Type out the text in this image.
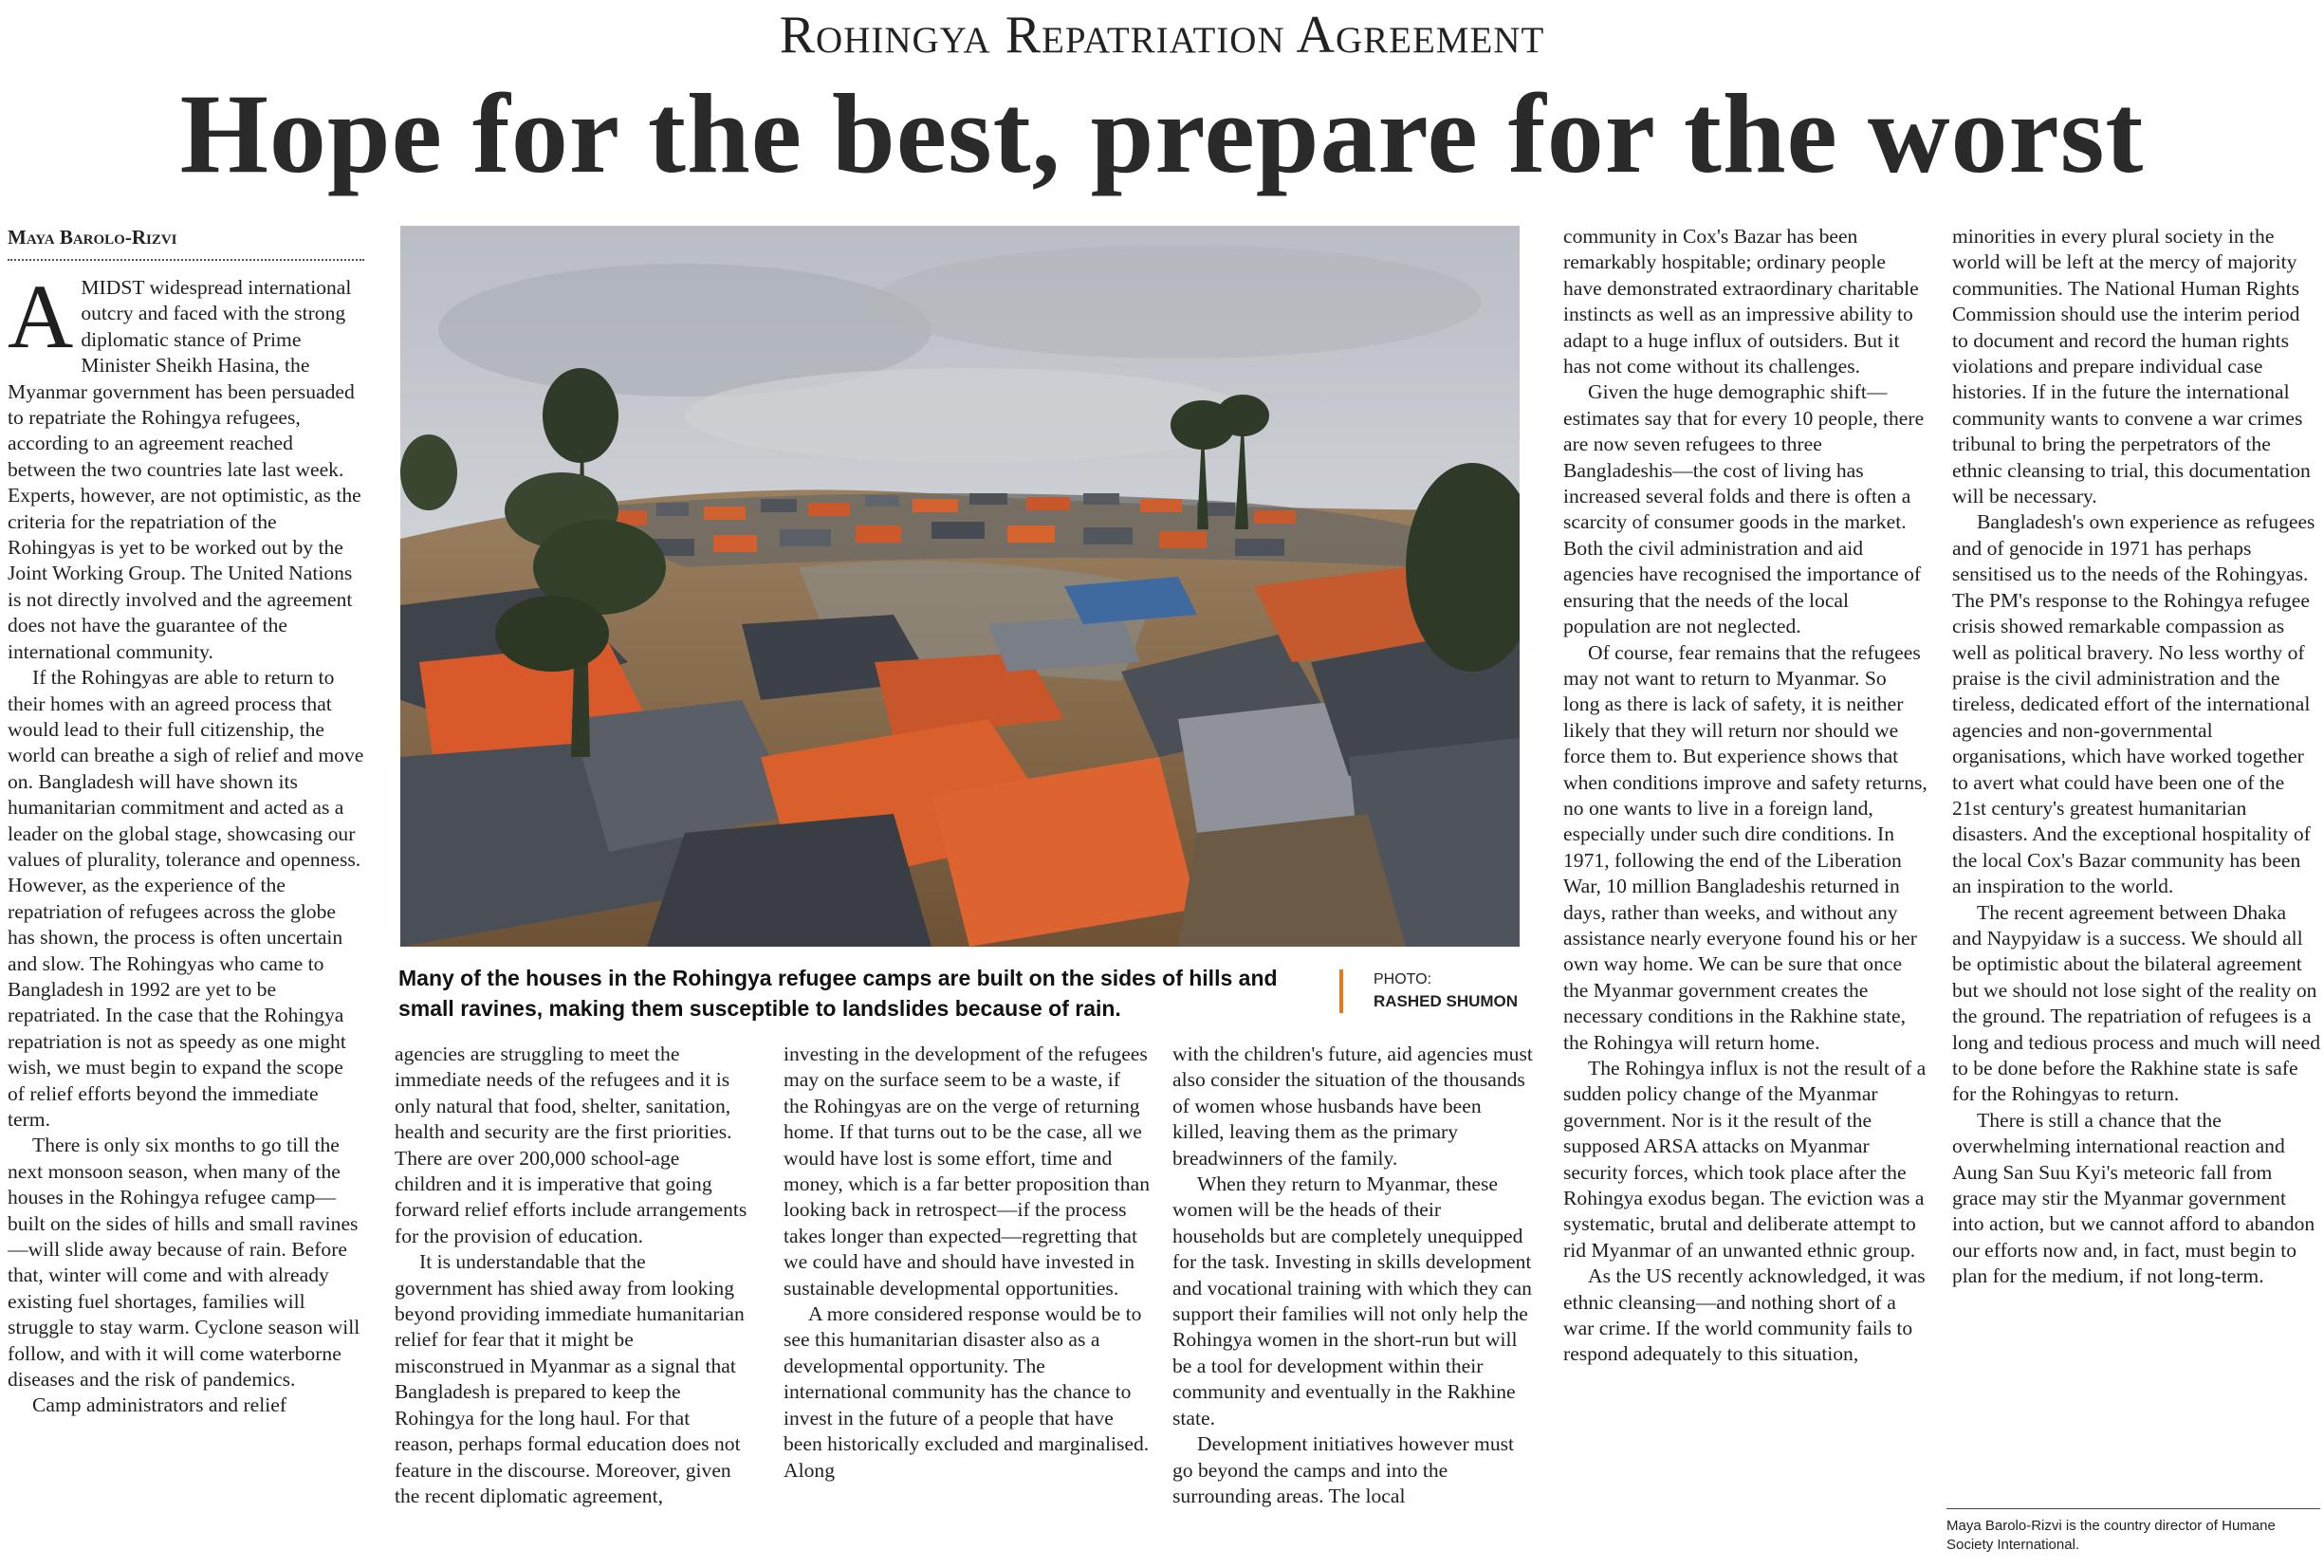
Rohingya Repatriation Agreement
Hope for the best, prepare for the worst
Maya Barolo-Rizvi

AMIDST widespread international outcry and faced with the strong diplomatic stance of Prime Minister Sheikh Hasina, the Myanmar government has been persuaded to repatriate the Rohingya refugees, according to an agreement reached between the two countries late last week. Experts, however, are not optimistic, as the criteria for the repatriation of the Rohingyas is yet to be worked out by the Joint Working Group. The United Nations is not directly involved and the agreement does not have the guarantee of the international community.

If the Rohingyas are able to return to their homes with an agreed process that would lead to their full citizenship, the world can breathe a sigh of relief and move on. Bangladesh will have shown its humanitarian commitment and acted as a leader on the global stage, showcasing our values of plurality, tolerance and openness. However, as the experience of the repatriation of refugees across the globe has shown, the process is often uncertain and slow. The Rohingyas who came to Bangladesh in 1992 are yet to be repatriated. In the case that the Rohingya repatriation is not as speedy as one might wish, we must begin to expand the scope of relief efforts beyond the immediate term.

There is only six months to go till the next monsoon season, when many of the houses in the Rohingya refugee camp—built on the sides of hills and small ravines—will slide away because of rain. Before that, winter will come and with already existing fuel shortages, families will struggle to stay warm. Cyclone season will follow, and with it will come waterborne diseases and the risk of pandemics.

Camp administrators and relief

Many of the houses in the Rohingya refugee camps are built on the sides of hills and small ravines, making them susceptible to landslides because of rain.
PHOTO:
RASHED SHUMON

agencies are struggling to meet the immediate needs of the refugees and it is only natural that food, shelter, sanitation, health and security are the first priorities. There are over 200,000 school-age children and it is imperative that going forward relief efforts include arrangements for the provision of education.

It is understandable that the government has shied away from looking beyond providing immediate humanitarian relief for fear that it might be misconstrued in Myanmar as a signal that Bangladesh is prepared to keep the Rohingya for the long haul. For that reason, perhaps formal education does not feature in the discourse. Moreover, given the recent diplomatic agreement,

investing in the development of the refugees may on the surface seem to be a waste, if the Rohingyas are on the verge of returning home. If that turns out to be the case, all we would have lost is some effort, time and money, which is a far better proposition than looking back in retrospect—if the process takes longer than expected—regretting that we could have and should have invested in sustainable developmental opportunities.

A more considered response would be to see this humanitarian disaster also as a developmental opportunity. The international community has the chance to invest in the future of a people that have been historically excluded and marginalised. Along

with the children's future, aid agencies must also consider the situation of the thousands of women whose husbands have been killed, leaving them as the primary breadwinners of the family.

When they return to Myanmar, these women will be the heads of their households but are completely unequipped for the task. Investing in skills development and vocational training with which they can support their families will not only help the Rohingya women in the short-run but will be a tool for development within their community and eventually in the Rakhine state.

Development initiatives however must go beyond the camps and into the surrounding areas. The local

community in Cox's Bazar has been remarkably hospitable; ordinary people have demonstrated extraordinary charitable instincts as well as an impressive ability to adapt to a huge influx of outsiders. But it has not come without its challenges.

Given the huge demographic shift—estimates say that for every 10 people, there are now seven refugees to three Bangladeshis—the cost of living has increased several folds and there is often a scarcity of consumer goods in the market. Both the civil administration and aid agencies have recognised the importance of ensuring that the needs of the local population are not neglected.

Of course, fear remains that the refugees may not want to return to Myanmar. So long as there is lack of safety, it is neither likely that they will return nor should we force them to. But experience shows that when conditions improve and safety returns, no one wants to live in a foreign land, especially under such dire conditions. In 1971, following the end of the Liberation War, 10 million Bangladeshis returned in days, rather than weeks, and without any assistance nearly everyone found his or her own way home. We can be sure that once the Myanmar government creates the necessary conditions in the Rakhine state, the Rohingya will return home.

The Rohingya influx is not the result of a sudden policy change of the Myanmar government. Nor is it the result of the supposed ARSA attacks on Myanmar security forces, which took place after the Rohingya exodus began. The eviction was a systematic, brutal and deliberate attempt to rid Myanmar of an unwanted ethnic group.

As the US recently acknowledged, it was ethnic cleansing—and nothing short of a war crime. If the world community fails to respond adequately to this situation,

minorities in every plural society in the world will be left at the mercy of majority communities. The National Human Rights Commission should use the interim period to document and record the human rights violations and prepare individual case histories. If in the future the international community wants to convene a war crimes tribunal to bring the perpetrators of the ethnic cleansing to trial, this documentation will be necessary.

Bangladesh's own experience as refugees and of genocide in 1971 has perhaps sensitised us to the needs of the Rohingyas. The PM's response to the Rohingya refugee crisis showed remarkable compassion as well as political bravery. No less worthy of praise is the civil administration and the tireless, dedicated effort of the international agencies and non-governmental organisations, which have worked together to avert what could have been one of the 21st century's greatest humanitarian disasters. And the exceptional hospitality of the local Cox's Bazar community has been an inspiration to the world.

The recent agreement between Dhaka and Naypyidaw is a success. We should all be optimistic about the bilateral agreement but we should not lose sight of the reality on the ground. The repatriation of refugees is a long and tedious process and much will need to be done before the Rakhine state is safe for the Rohingyas to return.

There is still a chance that the overwhelming international reaction and Aung San Suu Kyi's meteoric fall from grace may stir the Myanmar government into action, but we cannot afford to abandon our efforts now and, in fact, must begin to plan for the medium, if not long-term.

Maya Barolo-Rizvi is the country director of Humane Society International.
